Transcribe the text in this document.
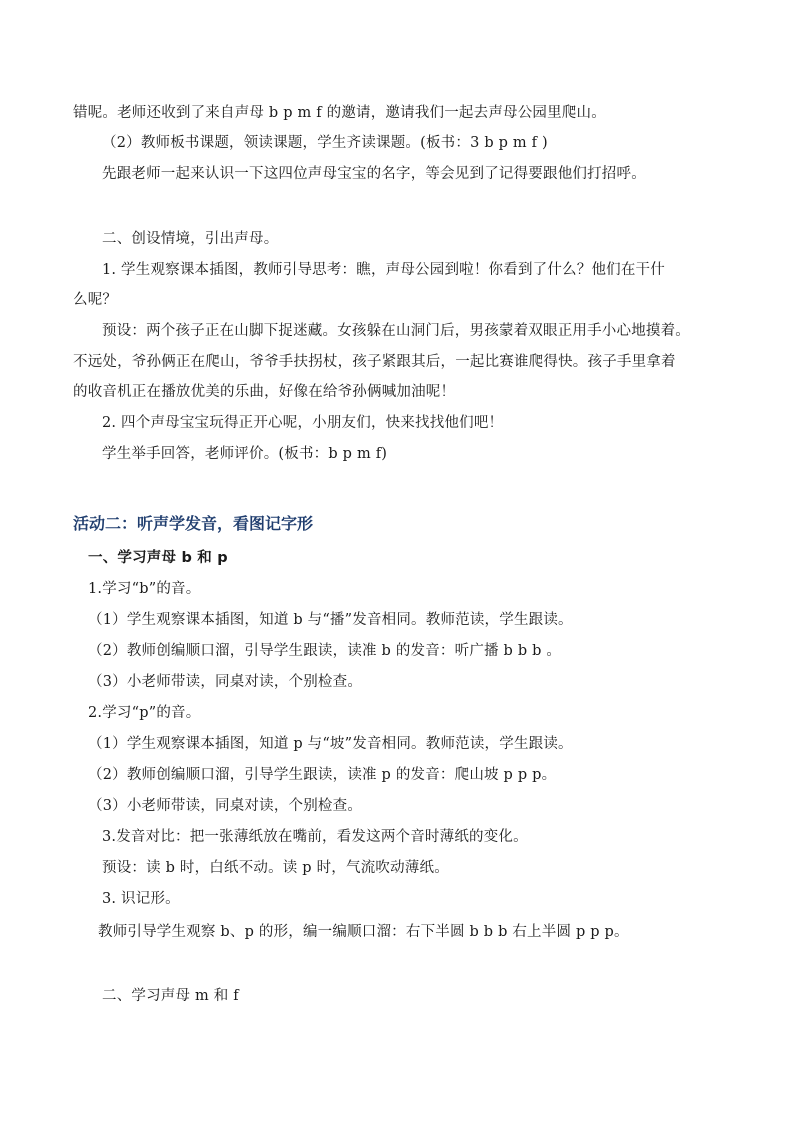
错呢。老师还收到了来自声母 b p m f 的邀请，邀请我们一起去声母公园里爬山。
（2）教师板书课题，领读课题，学生齐读课题。(板书：3 b p m f )
先跟老师一起来认识一下这四位声母宝宝的名字，等会见到了记得要跟他们打招呼。
二、创设情境，引出声母。
1. 学生观察课本插图，教师引导思考：瞧，声母公园到啦！你看到了什么？他们在干什
么呢？
预设：两个孩子正在山脚下捉迷藏。女孩躲在山洞门后，男孩蒙着双眼正用手小心地摸着。
不远处，爷孙俩正在爬山，爷爷手扶拐杖，孩子紧跟其后，一起比赛谁爬得快。孩子手里拿着
的收音机正在播放优美的乐曲，好像在给爷孙俩喊加油呢！
2. 四个声母宝宝玩得正开心呢，小朋友们，快来找找他们吧！
学生举手回答，老师评价。(板书：b p m f)
活动二：听声学发音，看图记字形
一、学习声母 b 和 p
1.学习“b”的音。
（1）学生观察课本插图，知道 b 与“播”发音相同。教师范读，学生跟读。
（2）教师创编顺口溜，引导学生跟读，读准 b 的发音：听广播 b b b 。
（3）小老师带读，同桌对读，个别检查。
2.学习“p”的音。
（1）学生观察课本插图，知道 p 与“坡”发音相同。教师范读，学生跟读。
（2）教师创编顺口溜，引导学生跟读，读准 p 的发音：爬山坡 p p p。
（3）小老师带读，同桌对读，个别检查。
3.发音对比：把一张薄纸放在嘴前，看发这两个音时薄纸的变化。
预设：读 b 时，白纸不动。读 p 时，气流吹动薄纸。
3. 识记形。
教师引导学生观察 b、p 的形，编一编顺口溜：右下半圆 b b b 右上半圆 p p p。
二、学习声母 m 和 f
